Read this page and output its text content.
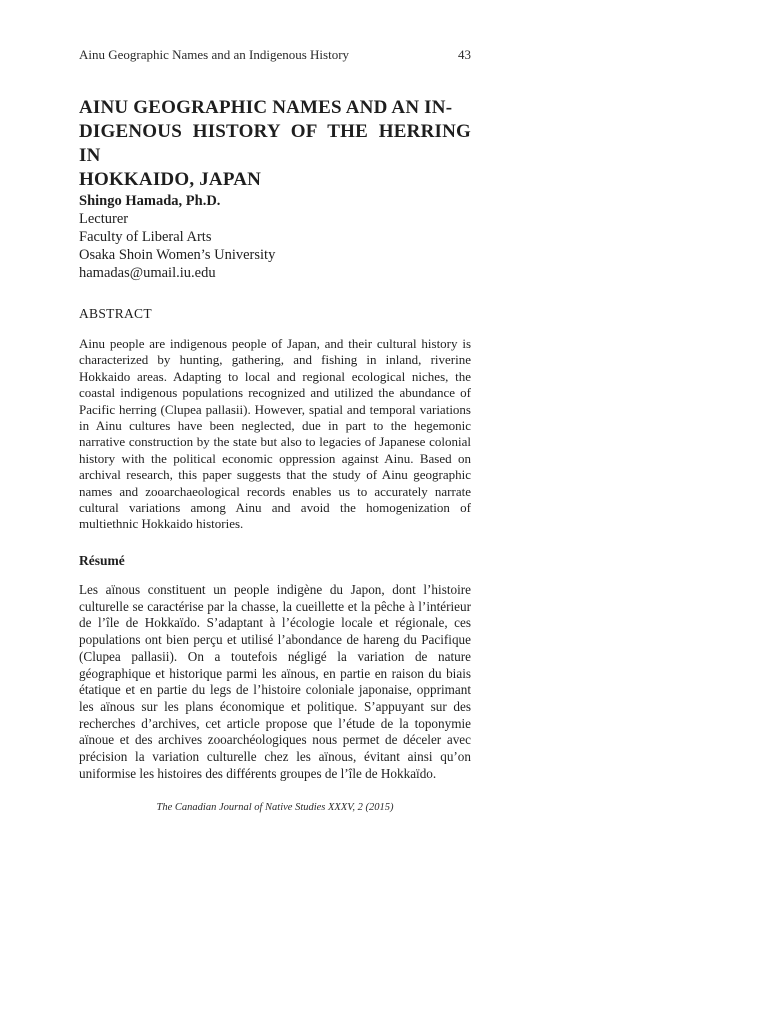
Ainu Geographic Names and an Indigenous History	43
AINU GEOGRAPHIC NAMES AND AN IN-
DIGENOUS HISTORY OF THE HERRING IN
HOKKAIDO, JAPAN
Shingo Hamada, Ph.D.
Lecturer
Faculty of Liberal Arts
Osaka Shoin Women’s University
hamadas@umail.iu.edu
ABSTRACT

Ainu people are indigenous people of Japan, and their cultural history is characterized by hunting, gathering, and fishing in inland, riverine Hokkaido areas. Adapting to local and regional ecological niches, the coastal indigenous populations recognized and utilized the abundance of Pacific herring (Clupea pallasii). However, spatial and temporal variations in Ainu cultures have been neglected, due in part to the hegemonic narrative construction by the state but also to legacies of Japanese colonial history with the political economic oppression against Ainu. Based on archival research, this paper suggests that the study of Ainu geographic names and zooarchaeological records enables us to accurately narrate cultural variations among Ainu and avoid the homogenization of multiethnic Hokkaido histories.

Résumé

Les aïnous constituent un people indigène du Japon, dont l’histoire culturelle se caractérise par la chasse, la cueillette et la pêche à l’intérieur de l’île de Hokkaïdo. S’adaptant à l’écologie locale et régionale, ces populations ont bien perçu et utilisé l’abondance de hareng du Pacifique (Clupea pallasii). On a toutefois négligé la variation de nature géographique et historique parmi les aïnous, en partie en raison du biais étatique et en partie du legs de l’histoire coloniale japonaise, opprimant les aïnous sur les plans économique et politique. S’appuyant sur des recherches d’archives, cet article propose que l’étude de la toponymie aïnoue et des archives zooarchéologiques nous permet de déceler avec précision la variation culturelle chez les aïnous, évitant ainsi qu’on uniformise les histoires des différents groupes de l’île de Hokkaïdo.

The Canadian Journal of Native Studies XXXV, 2 (2015)
